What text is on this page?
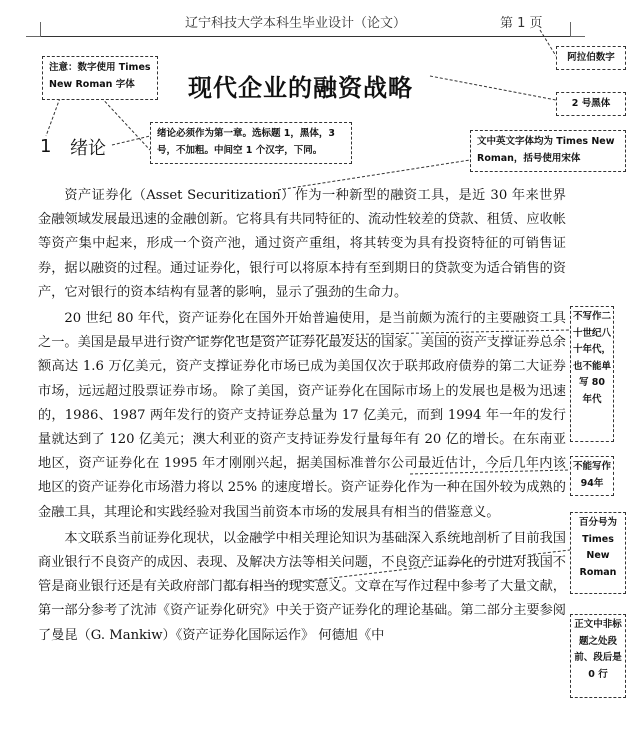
辽宁科技大学本科生毕业设计（论文）	第 1 页
阿拉伯数字
注意：数字使用 Times New Roman 字体
2 号黑体
绪论必须作为第一章。选标题 1，黑体，3 号，不加粗。中间空 1 个汉字，下同。
文中英文字体均为 Times New Roman，括号使用宋体
不写作二十世纪八十年代，也不能单写 80 年代
不能写作94年
百分号为 Times New Roman
正文中非标题之处段前、段后是 0 行
现代企业的融资战略
1 绪论

资产证券化（Asset Securitization）作为一种新型的融资工具，是近 30 年来世界金融领域发展最迅速的金融创新。它将具有共同特征的、流动性较差的贷款、租赁、应收帐等资产集中起来，形成一个资产池，通过资产重组，将其转变为具有投资特征的可销售证券，据以融资的过程。通过证券化，银行可以将原本持有至到期日的贷款变为适合销售的资产，它对银行的资本结构有显著的影响，显示了强劲的生命力。

20 世纪 80 年代，资产证券化在国外开始普遍使用，是当前颇为流行的主要融资工具之一。美国是最早进行资产证券化也是资产证券化最发达的国家。美国的资产支撑证券总余额高达 1.6 万亿美元，资产支撑证券化市场已成为美国仅次于联邦政府债券的第二大证券市场，远远超过股票证券市场。 除了美国，资产证券化在国际市场上的发展也是极为迅速的，1986、1987 两年发行的资产支持证券总量为 17 亿美元，而到 1994 年一年的发行量就达到了 120 亿美元；澳大利亚的资产支持证券发行量每年有 20 亿的增长。在东南亚地区，资产证券化在 1995 年才刚刚兴起，据美国标准普尔公司最近估计，今后几年内该地区的资产证券化市场潜力将以 25% 的速度增长。资产证券化作为一种在国外较为成熟的金融工具，其理论和实践经验对我国当前资本市场的发展具有相当的借鉴意义。

本文联系当前证券化现状，以金融学中相关理论知识为基础深入系统地剖析了目前我国商业银行不良资产的成因、表现、及解决方法等相关问题，不良资产证券化的引进对我国不管是商业银行还是有关政府部门都有相当的现实意义。文章在写作过程中参考了大量文献，第一部分参考了沈沛《资产证券化研究》中关于资产证券化的理论基础。第二部分主要参阅了曼昆（G. Mankiw）《资产证券化国际运作》 何德旭《中
